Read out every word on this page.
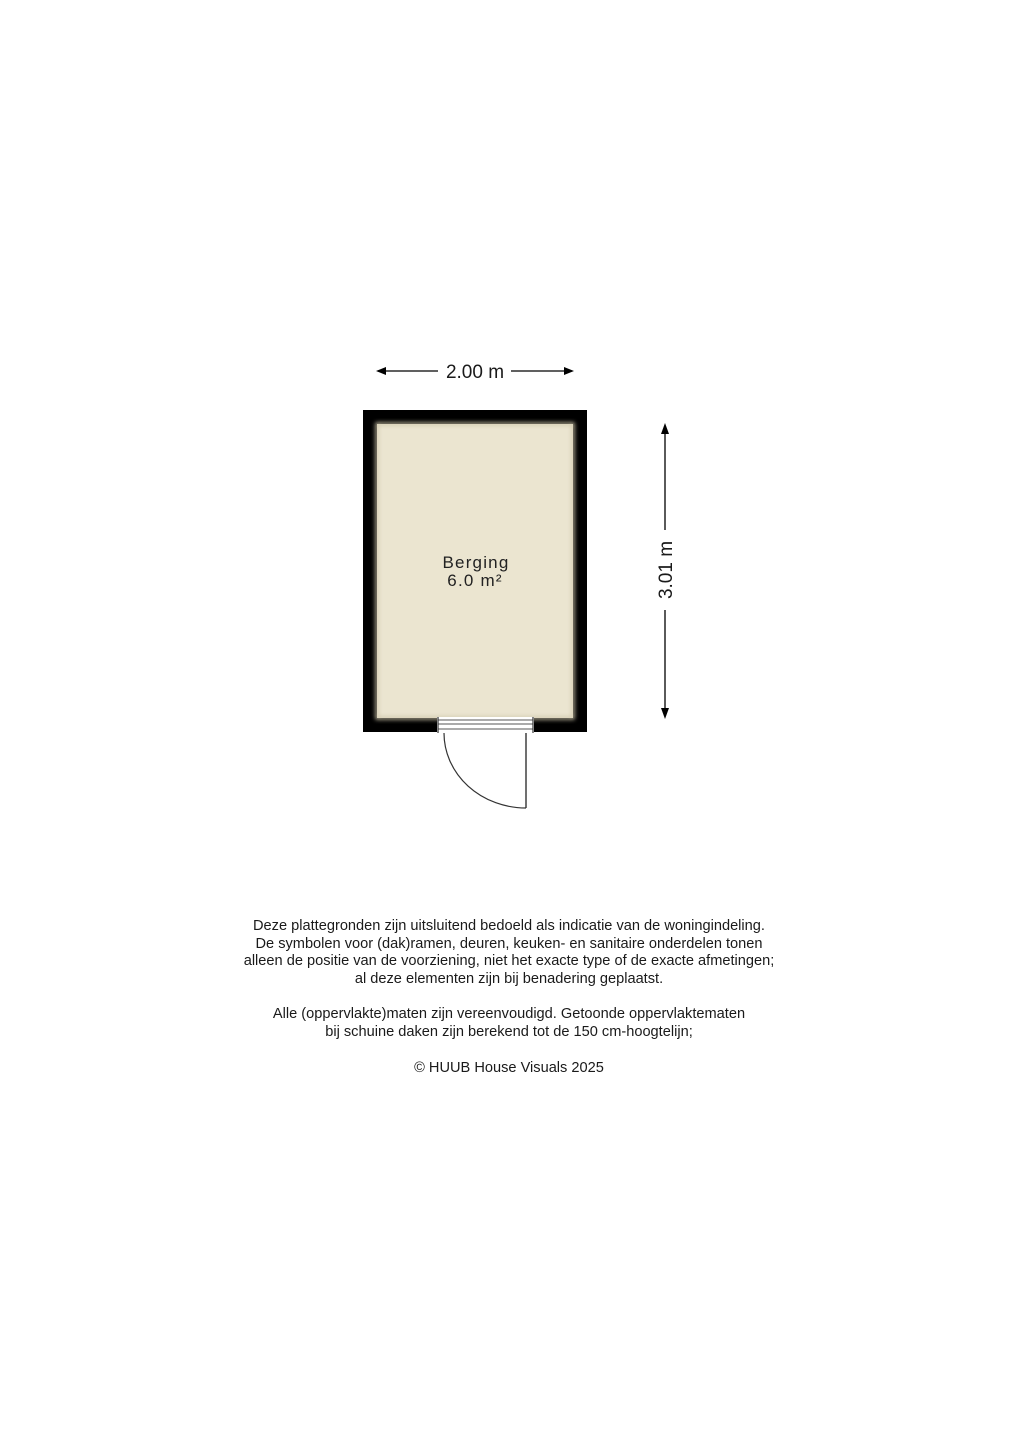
2.00 m
3.01 m
Berging
6.0 m²

Deze plattegronden zijn uitsluitend bedoeld als indicatie van de woningindeling.

De symbolen voor (dak)ramen, deuren, keuken- en sanitaire onderdelen tonen

alleen de positie van de voorziening, niet het exacte type of de exacte afmetingen;

al deze elementen zijn bij benadering geplaatst.

Alle (oppervlakte)maten zijn vereenvoudigd. Getoonde oppervlaktematen

bij schuine daken zijn berekend tot de 150 cm-hoogtelijn;

© HUUB House Visuals 2025
